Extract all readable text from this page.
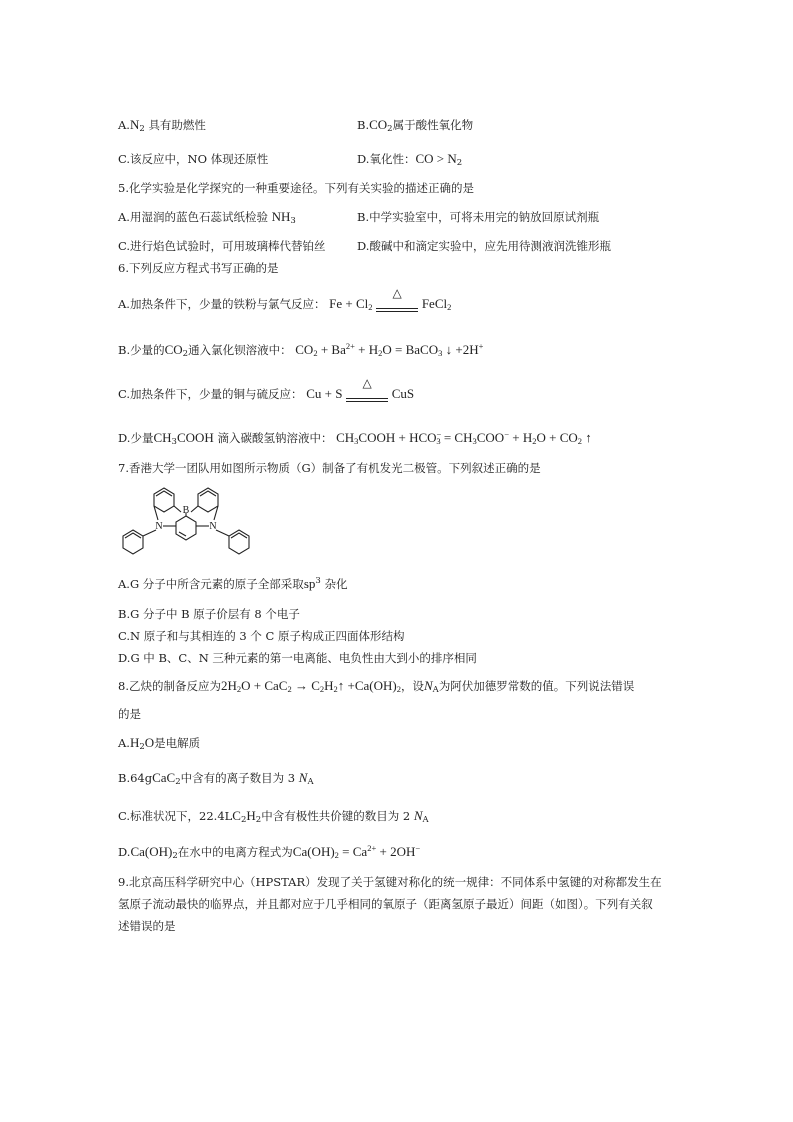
$A.N_2$ 具有助燃性	$B.CO_2$属于酸性氧化物
C.该反应中，NO 体现还原性	D.氧化性：CO > $N_2$
5.化学实验是化学探究的一种重要途径。下列有关实验的描述正确的是
A.用湿润的蓝色石蕊试纸检验 $NH_3$	B.中学实验室中，可将未用完的钠放回原试剂瓶
C.进行焰色试验时，可用玻璃棒代替铂丝	D.酸碱中和滴定实验中，应先用待测液润洗锥形瓶
6.下列反应方程式书写正确的是
A.加热条件下，少量的铁粉与氯气反应： $Fe + Cl_2$
△
FeCl$_2$
B.少量的$CO_2$通入氯化钡溶液中： $CO_2 + Ba^{2+} + H_2O$ = BaCO$_3$ ↓ +2H+
C.加热条件下，少量的铜与硫反应： Cu + S
△
CuS
D.少量$CH_3COOH$ 滴入碳酸氢钠溶液中： $CH_3COOH + HCO^-_3 = CH_3COO^- + H_2O + CO_2$ ↑
7.香港大学一团队用如图所示物质（G）制备了有机发光二极管。下列叙述正确的是
B
N	N
A.G 分子中所含元素的原子全部采取$sp^3$ 杂化
B.G 分子中 B 原子价层有 8 个电子
C.N 原子和与其相连的 3 个 C 原子构成正四面体形结构
D.G 中 B、C、N 三种元素的第一电离能、电负性由大到小的排序相同
8.乙炔的制备反应为$2H_2O + CaC_2$ → $C_2H_2↑ +Ca(OH)_2$，设$N_A$为阿伏加德罗常数的值。下列说法错误
的是
$A.H_2O$是电解质
B.64gCaC$_2$中含有的离子数目为 3 $N_A$
C.标准状况下，$22.4LC_2H_2$中含有极性共价键的数目为 2 $N_A$
$D.Ca(OH)_2$在水中的电离方程式为$Ca(OH)_2 = Ca^{2+} + 2OH^-$
9.北京高压科学研究中心（HPSTAR）发现了关于氢键对称化的统一规律：不同体系中氢键的对称都发生在
氢原子流动最快的临界点，并且都对应于几乎相同的氧原子（距离氢原子最近）间距（如图）。下列有关叙
述错误的是
